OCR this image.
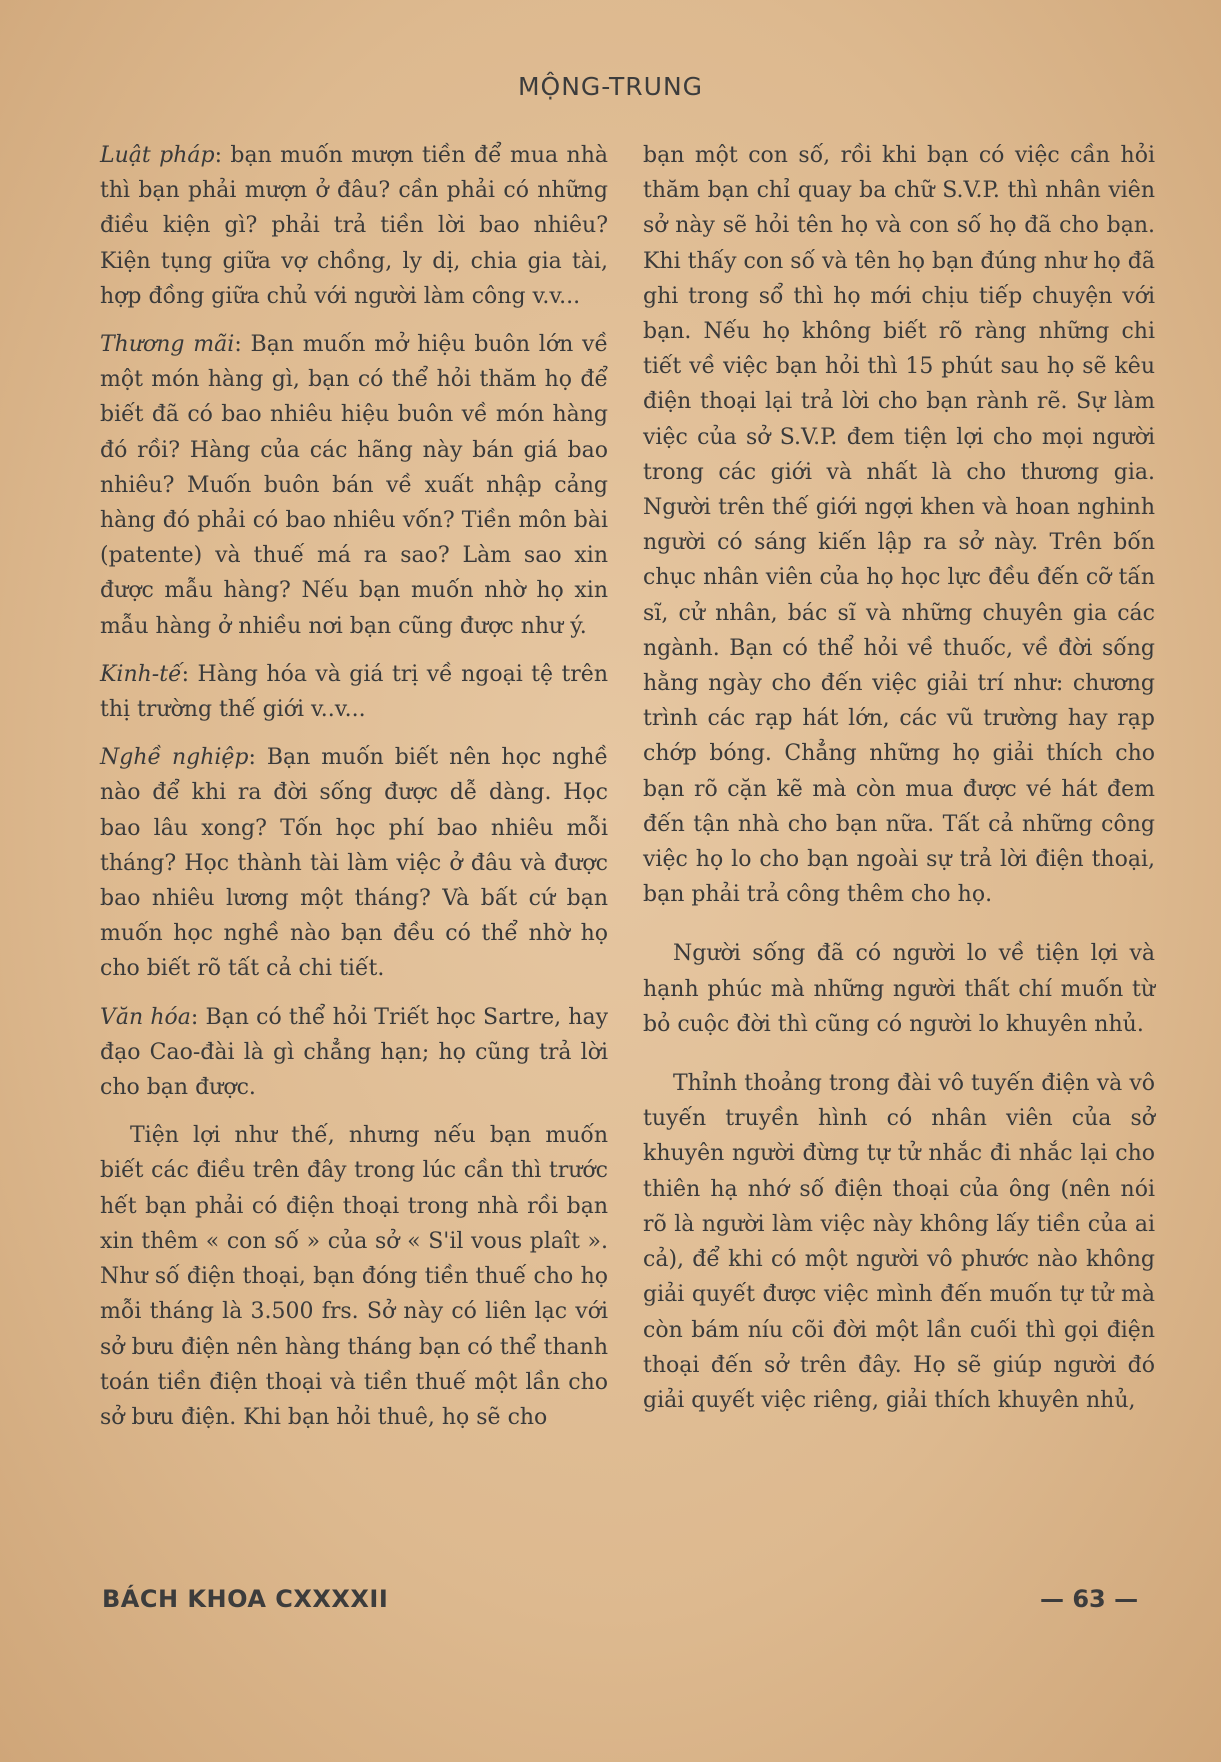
MỘNG-TRUNG

Luật pháp: bạn muốn mượn tiền để mua nhà thì bạn phải mượn ở đâu? cần phải có những điều kiện gì? phải trả tiền lời bao nhiêu? Kiện tụng giữa vợ chồng, ly dị, chia gia tài, hợp đồng giữa chủ với người làm công v.v...

Thương mãi: Bạn muốn mở hiệu buôn lớn về một món hàng gì, bạn có thể hỏi thăm họ để biết đã có bao nhiêu hiệu buôn về món hàng đó rồi? Hàng của các hãng này bán giá bao nhiêu? Muốn buôn bán về xuất nhập cảng hàng đó phải có bao nhiêu vốn? Tiền môn bài (patente) và thuế má ra sao? Làm sao xin được mẫu hàng? Nếu bạn muốn nhờ họ xin mẫu hàng ở nhiều nơi bạn cũng được như ý.

Kinh-tế: Hàng hóa và giá trị về ngoại tệ trên thị trường thế giới v..v...

Nghề nghiệp: Bạn muốn biết nên học nghề nào để khi ra đời sống được dễ dàng. Học bao lâu xong? Tốn học phí bao nhiêu mỗi tháng? Học thành tài làm việc ở đâu và được bao nhiêu lương một tháng? Và bất cứ bạn muốn học nghề nào bạn đều có thể nhờ họ cho biết rõ tất cả chi tiết.

Văn hóa: Bạn có thể hỏi Triết học Sartre, hay đạo Cao-đài là gì chẳng hạn; họ cũng trả lời cho bạn được.

Tiện lợi như thế, nhưng nếu bạn muốn biết các điều trên đây trong lúc cần thì trước hết bạn phải có điện thoại trong nhà rồi bạn xin thêm « con số » của sở « S'il vous plaît ». Như số điện thoại, bạn đóng tiền thuế cho họ mỗi tháng là 3.500 frs. Sở này có liên lạc với sở bưu điện nên hàng tháng bạn có thể thanh toán tiền điện thoại và tiền thuế một lần cho sở bưu điện. Khi bạn hỏi thuê, họ sẽ cho

bạn một con số, rồi khi bạn có việc cần hỏi thăm bạn chỉ quay ba chữ S.V.P. thì nhân viên sở này sẽ hỏi tên họ và con số họ đã cho bạn. Khi thấy con số và tên họ bạn đúng như họ đã ghi trong sổ thì họ mới chịu tiếp chuyện với bạn. Nếu họ không biết rõ ràng những chi tiết về việc bạn hỏi thì 15 phút sau họ sẽ kêu điện thoại lại trả lời cho bạn rành rẽ. Sự làm việc của sở S.V.P. đem tiện lợi cho mọi người trong các giới và nhất là cho thương gia. Người trên thế giới ngợi khen và hoan nghinh người có sáng kiến lập ra sở này. Trên bốn chục nhân viên của họ học lực đều đến cỡ tấn sĩ, cử nhân, bác sĩ và những chuyên gia các ngành. Bạn có thể hỏi về thuốc, về đời sống hằng ngày cho đến việc giải trí như: chương trình các rạp hát lớn, các vũ trường hay rạp chớp bóng. Chẳng những họ giải thích cho bạn rõ cặn kẽ mà còn mua được vé hát đem đến tận nhà cho bạn nữa. Tất cả những công việc họ lo cho bạn ngoài sự trả lời điện thoại, bạn phải trả công thêm cho họ.

Người sống đã có người lo về tiện lợi và hạnh phúc mà những người thất chí muốn từ bỏ cuộc đời thì cũng có người lo khuyên nhủ.

Thỉnh thoảng trong đài vô tuyến điện và vô tuyến truyền hình có nhân viên của sở khuyên người đừng tự tử nhắc đi nhắc lại cho thiên hạ nhớ số điện thoại của ông (nên nói rõ là người làm việc này không lấy tiền của ai cả), để khi có một người vô phước nào không giải quyết được việc mình đến muốn tự tử mà còn bám níu cõi đời một lần cuối thì gọi điện thoại đến sở trên đây. Họ sẽ giúp người đó giải quyết việc riêng, giải thích khuyên nhủ,

BÁCH KHOA CXXXXII	— 63 —
